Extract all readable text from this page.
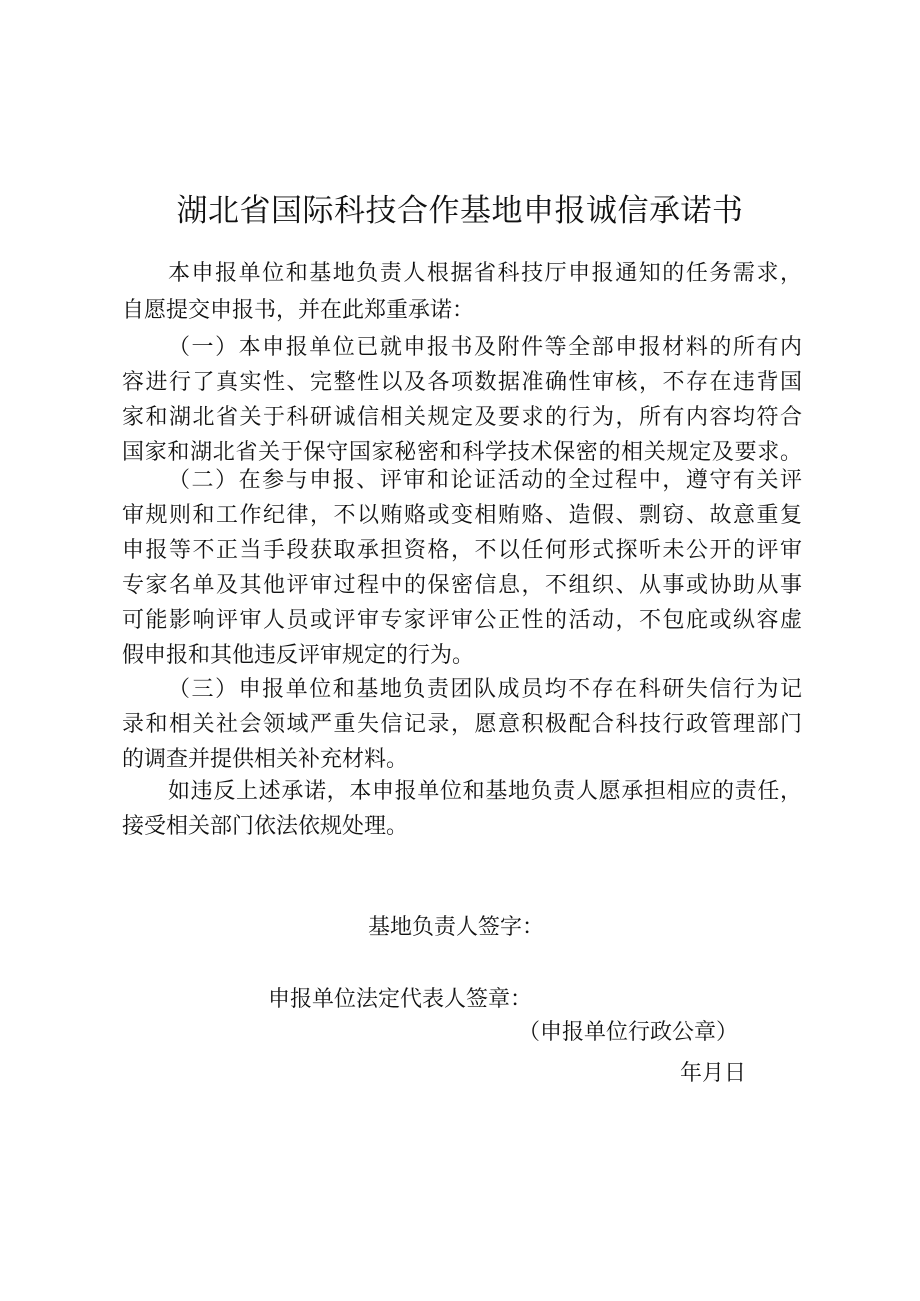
湖北省国际科技合作基地申报诚信承诺书
本申报单位和基地负责人根据省科技厅申报通知的任务需求，
自愿提交申报书，并在此郑重承诺：
（一）本申报单位已就申报书及附件等全部申报材料的所有内
容进行了真实性、完整性以及各项数据准确性审核，不存在违背国
家和湖北省关于科研诚信相关规定及要求的行为，所有内容均符合
国家和湖北省关于保守国家秘密和科学技术保密的相关规定及要求。
（二）在参与申报、评审和论证活动的全过程中，遵守有关评
审规则和工作纪律，不以贿赂或变相贿赂、造假、剽窃、故意重复
申报等不正当手段获取承担资格，不以任何形式探听未公开的评审
专家名单及其他评审过程中的保密信息，不组织、从事或协助从事
可能影响评审人员或评审专家评审公正性的活动，不包庇或纵容虚
假申报和其他违反评审规定的行为。
（三）申报单位和基地负责团队成员均不存在科研失信行为记
录和相关社会领域严重失信记录，愿意积极配合科技行政管理部门
的调查并提供相关补充材料。
如违反上述承诺，本申报单位和基地负责人愿承担相应的责任，
接受相关部门依法依规处理。
基地负责人签字：
申报单位法定代表人签章：
（申报单位行政公章）
年月日
